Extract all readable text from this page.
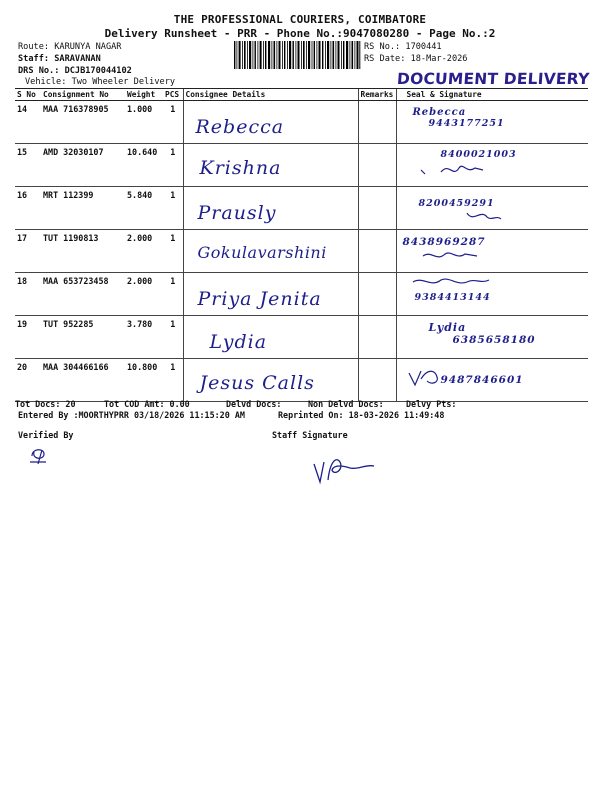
THE PROFESSIONAL COURIERS, COIMBATORE
Delivery Runsheet - PRR - Phone No.:9047080280 - Page No.:2
Route: KARUNYA NAGAR
Staff: SARAVANAN
DRS No.: DCJB170044102
Vehicle: Two Wheeler Delivery
RS No.: 1700441
RS Date: 18-Mar-2026
DOCUMENT DELIVERY
S No	Consignment No	Weight	PCS	Consignee Details	Remarks	Seal & Signature
14	MAA 716378905	1.000	1	Rebecca		Rebecca
9443177251

15	AMD 32030107	10.640	1	Krishna		8400021003

16	MRT 112399	5.840	1	Prausly		8200459291

17	TUT 1190813	2.000	1	Gokulavarshini		8438969287

18	MAA 653723458	2.000	1	Priya Jenita		9384413144

19	TUT 952285	3.780	1	Lydia		Lydia
6385658180

20	MAA 304466166	10.800	1	Jesus Calls		9487846601
Tot Docs: 20	Tot COD Amt: 0.00	Delvd Docs:	Non Delvd Docs:	Delvy Pts:
Entered By :MOORTHYPRR 03/18/2026 11:15:20 AM	Reprinted On: 18-03-2026 11:49:48
Verified By	Staff Signature
